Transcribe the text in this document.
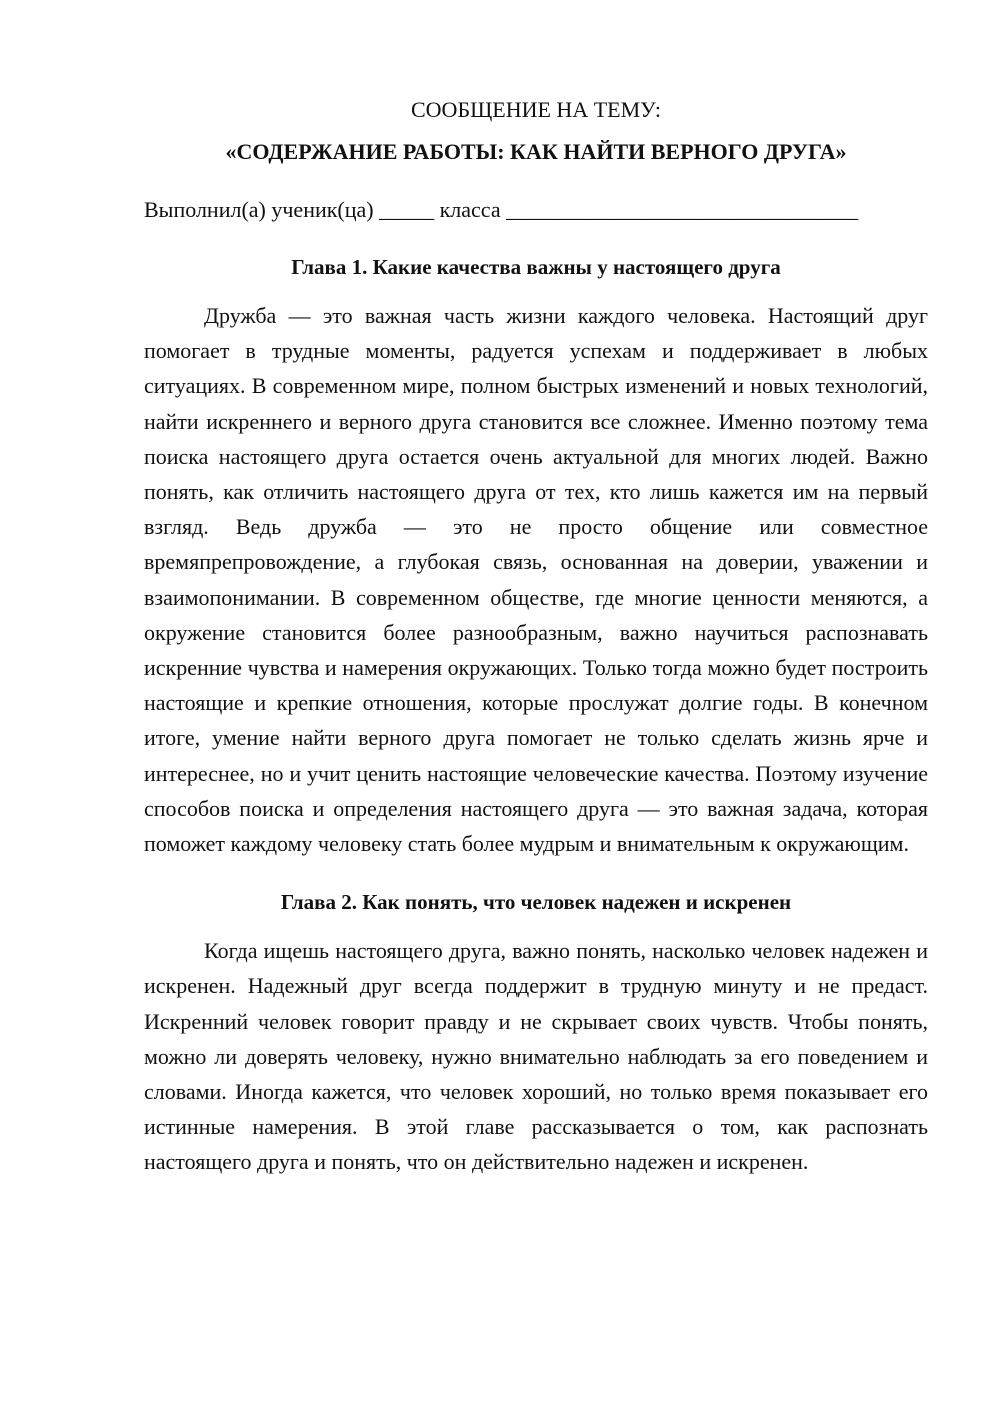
СООБЩЕНИЕ НА ТЕМУ:
«СОДЕРЖАНИЕ РАБОТЫ: КАК НАЙТИ ВЕРНОГО ДРУГА»

Выполнил(а) ученик(ца) _____ класса ________________________________

Глава 1. Какие качества важны у настоящего друга

Дружба — это важная часть жизни каждого человека. Настоящий друг помогает в трудные моменты, радуется успехам и поддерживает в любых ситуациях. В современном мире, полном быстрых изменений и новых технологий, найти искреннего и верного друга становится все сложнее. Именно поэтому тема поиска настоящего друга остается очень актуальной для многих людей. Важно понять, как отличить настоящего друга от тех, кто лишь кажется им на первый взгляд. Ведь дружба — это не просто общение или совместное времяпрепровождение, а глубокая связь, основанная на доверии, уважении и взаимопонимании. В современном обществе, где многие ценности меняются, а окружение становится более разнообразным, важно научиться распознавать искренние чувства и намерения окружающих. Только тогда можно будет построить настоящие и крепкие отношения, которые прослужат долгие годы. В конечном итоге, умение найти верного друга помогает не только сделать жизнь ярче и интереснее, но и учит ценить настоящие человеческие качества. Поэтому изучение способов поиска и определения настоящего друга — это важная задача, которая поможет каждому человеку стать более мудрым и внимательным к окружающим.

Глава 2. Как понять, что человек надежен и искренен

Когда ищешь настоящего друга, важно понять, насколько человек надежен и искренен. Надежный друг всегда поддержит в трудную минуту и не предаст. Искренний человек говорит правду и не скрывает своих чувств. Чтобы понять, можно ли доверять человеку, нужно внимательно наблюдать за его поведением и словами. Иногда кажется, что человек хороший, но только время показывает его истинные намерения. В этой главе рассказывается о том, как распознать настоящего друга и понять, что он действительно надежен и искренен.
